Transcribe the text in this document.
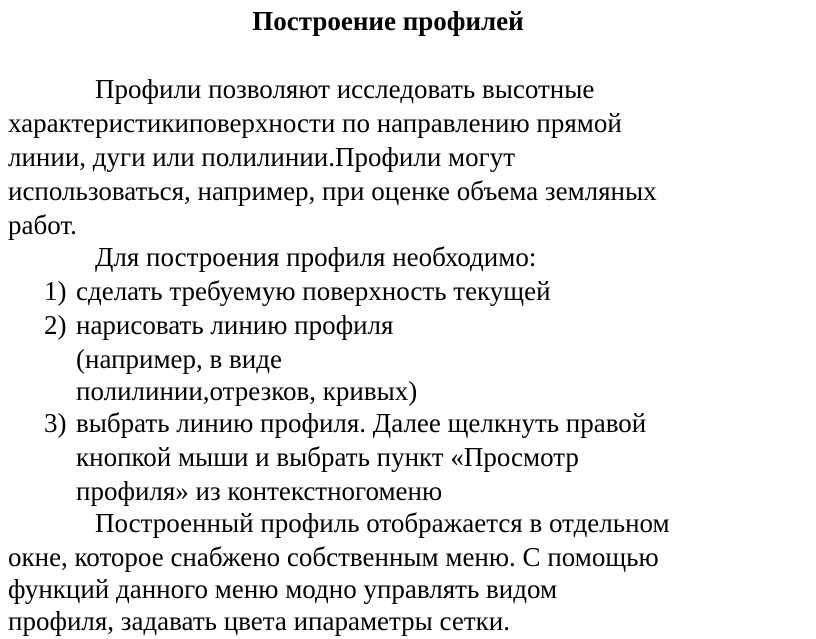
Построение профилей
Профили позволяют исследовать высотные
характеристикиповерхности по направлению прямой
линии, дуги или полилинии.Профили могут
использоваться, например, при оценке объема земляных
работ.
Для построения профиля необходимо:
1) сделать требуемую поверхность текущей
2) нарисовать линию профиля
(например, в виде
полилинии,отрезков, кривых)
3) выбрать линию профиля. Далее щелкнуть правой
кнопкой мыши и выбрать пункт «Просмотр
профиля» из контекстногоменю
Построенный профиль отображается в отдельном
окне, которое снабжено собственным меню. С помощью
функций данного меню модно управлять видом
профиля, задавать цвета ипараметры сетки.
